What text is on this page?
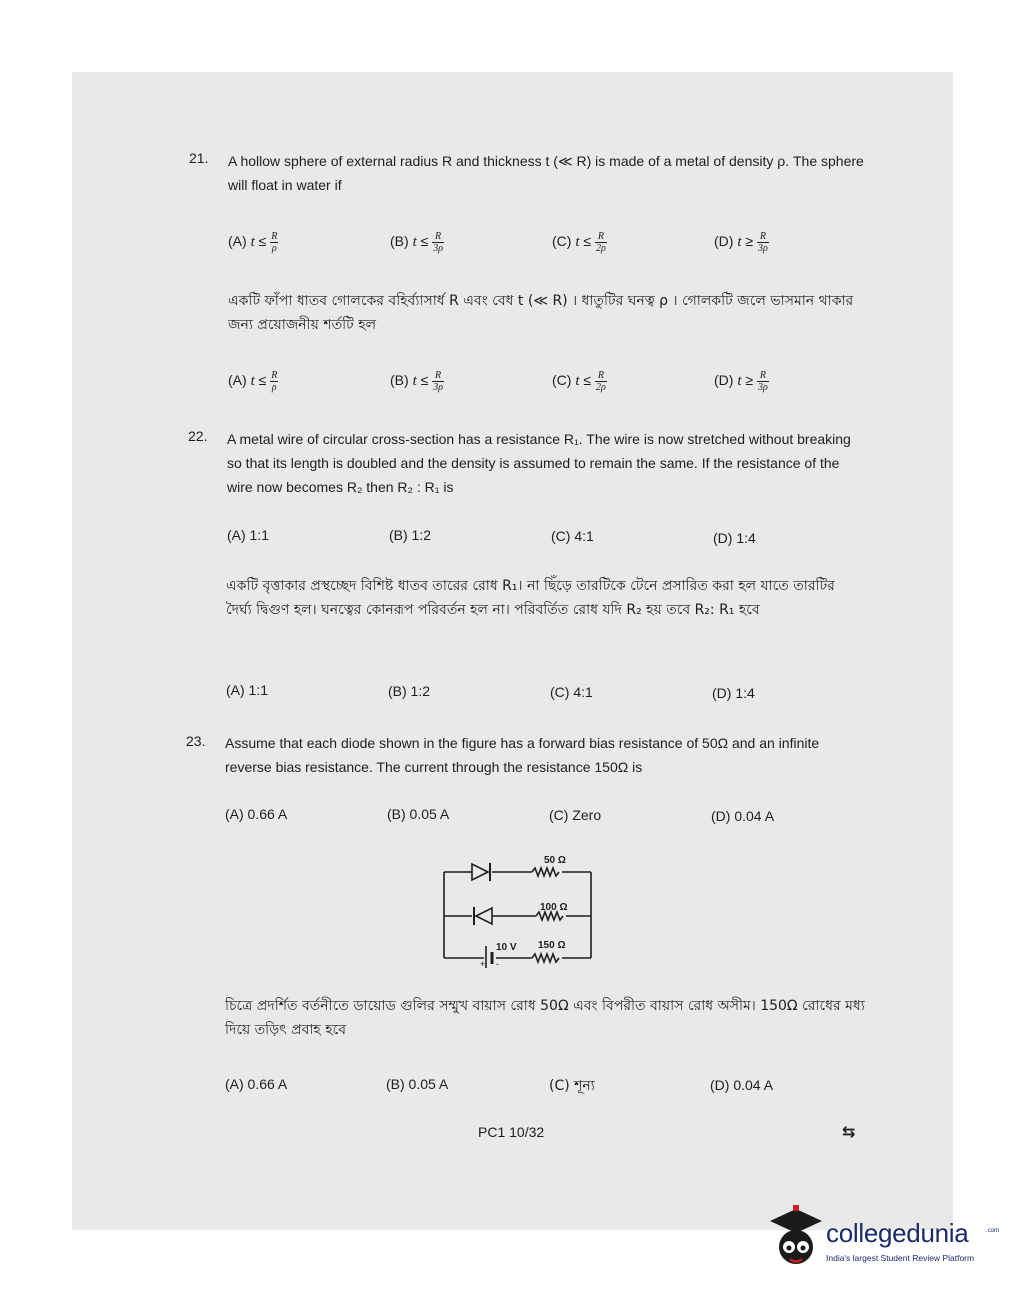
21. A hollow sphere of external radius R and thickness t (≪ R) is made of a metal of density ρ. The sphere will float in water if
(A) $t \le \frac{R}{\rho}$	(B) $t \le \frac{R}{3\rho}$	(C) $t \le \frac{R}{2\rho}$	(D) $t \ge \frac{R}{3\rho}$
একটি ফাঁপা ধাতব গোলকের বহির্ব্যাসার্ধ R এবং বেধ t (≪ R) । ধাতুটির ঘনত্ব ρ । গোলকটি জলে ভাসমান থাকার জন্য প্রয়োজনীয় শর্তটি হল
(A) $t \le \frac{R}{\rho}$	(B) $t \le \frac{R}{3\rho}$	(C) $t \le \frac{R}{2\rho}$	(D) $t \ge \frac{R}{3\rho}$
22. A metal wire of circular cross-section has a resistance R₁. The wire is now stretched without breaking so that its length is doubled and the density is assumed to remain the same. If the resistance of the wire now becomes R₂ then R₂ : R₁ is
(A) 1:1	(B) 1:2	(C) 4:1	(D) 1:4
একটি বৃত্তাকার প্রস্থচ্ছেদ বিশিষ্ট ধাতব তারের রোধ R₁। না ছিঁড়ে তারটিকে টেনে প্রসারিত করা হল যাতে তারটির দৈর্ঘ্য দ্বিগুণ হল। ঘনত্বের কোনরূপ পরিবর্তন হল না। পরিবর্তিত রোধ যদি R₂ হয় তবে R₂: R₁ হবে
(A) 1:1	(B) 1:2	(C) 4:1	(D) 1:4
23. Assume that each diode shown in the figure has a forward bias resistance of 50Ω and an infinite reverse bias resistance. The current through the resistance 150Ω is
(A) 0.66 A	(B) 0.05 A	(C) Zero	(D) 0.04 A
+ -
50 Ω
100 Ω
150 Ω
10 V
চিত্রে প্রদর্শিত বর্তনীতে ডায়োড গুলির সম্মুখ বায়াস রোধ 50Ω এবং বিপরীত বায়াস রোধ অসীম। 150Ω রোধের মধ্য দিয়ে তড়িৎ প্রবাহ হবে
(A) 0.66 A	(B) 0.05 A	(C) শূন্য	(D) 0.04 A
PC1 10/32	⇆
collegedunia	.com
India's largest Student Review Platform
